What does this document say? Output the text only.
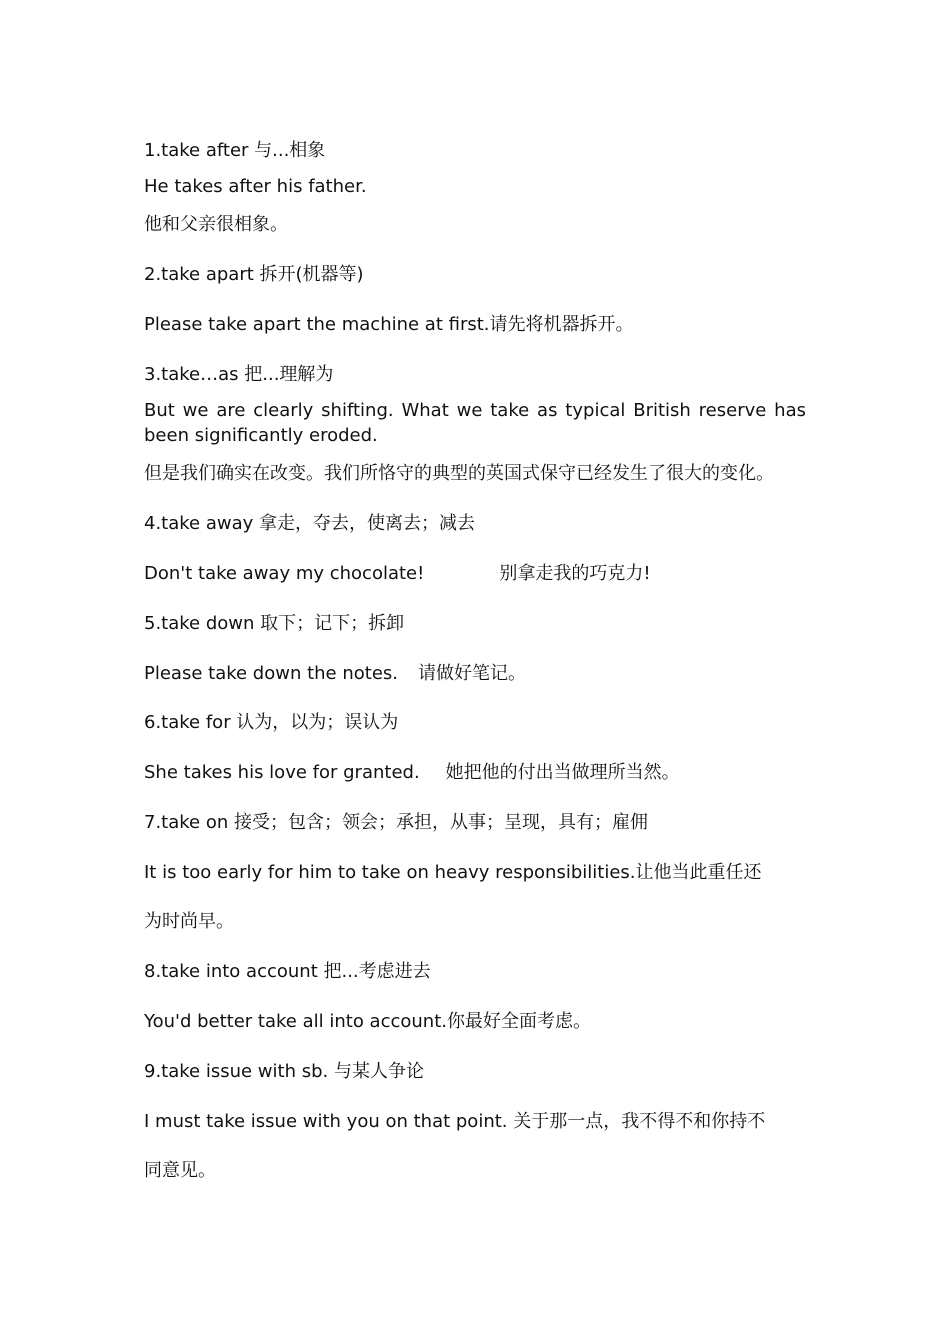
1.take after 与...相象
He takes after his father.
他和父亲很相象。
2.take apart 拆开(机器等)
Please take apart the machine at first.请先将机器拆开。
3.take…as 把...理解为
But we are clearly shifting. What we take as typical British reserve has been significantly eroded.
但是我们确实在改变。我们所恪守的典型的英国式保守已经发生了很大的变化。
4.take away 拿走，夺去，使离去；减去
Don't take away my chocolate!	别拿走我的巧克力!
5.take down 取下；记下；拆卸
Please take down the notes. 请做好笔记。
6.take for 认为，以为；误认为
She takes his love for granted. 她把他的付出当做理所当然。
7.take on 接受；包含；领会；承担，从事；呈现，具有；雇佣
It is too early for him to take on heavy responsibilities.让他当此重任还
为时尚早。
8.take into account 把...考虑进去
You'd better take all into account.你最好全面考虑。
9.take issue with sb. 与某人争论
I must take issue with you on that point. 关于那一点，我不得不和你持不
同意见。
